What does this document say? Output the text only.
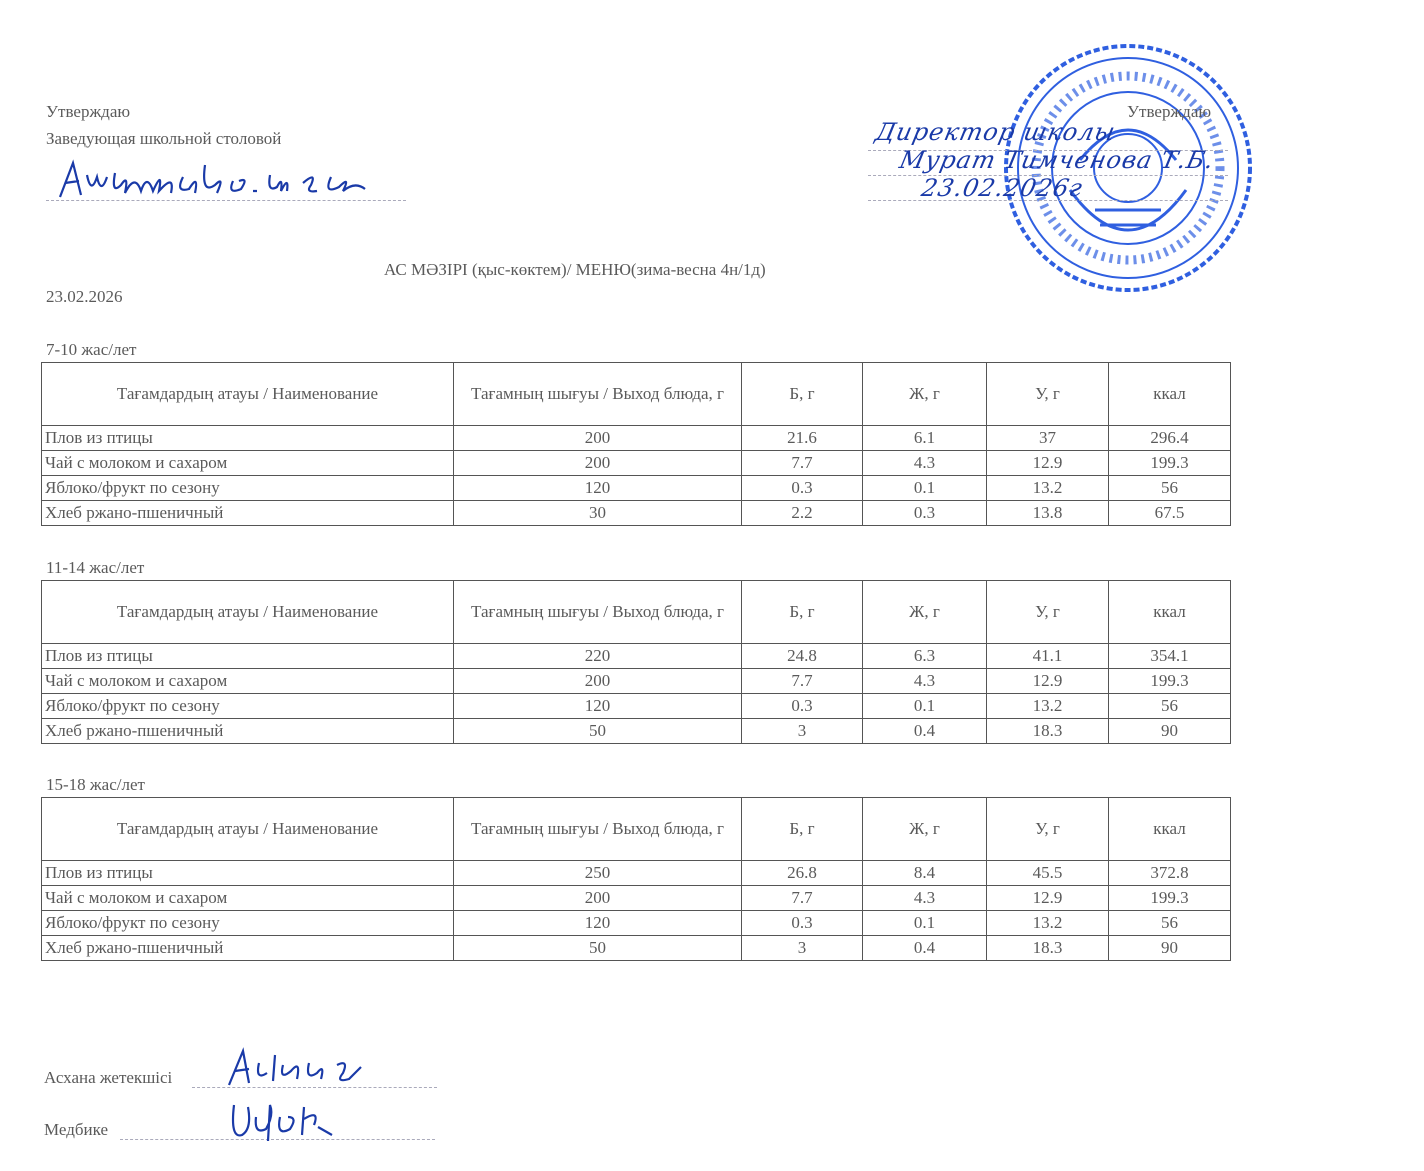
Утверждаю
Заведующая школьной столовой
Утверждаю
Директор школы
Мурат Тимченова Т.Б.
23.02.2026г
АС МӘЗІРІ (қыс-көктем)/ МЕНЮ(зима-весна 4н/1д)
23.02.2026
7-10 жас/лет
Тағамдардың атауы / Наименование	Тағамның шығуы / Выход блюда, г	Б, г	Ж, г	У, г	ккал
Плов из птицы	200	21.6	6.1	37	296.4
Чай с молоком и сахаром	200	7.7	4.3	12.9	199.3
Яблоко/фрукт по сезону	120	0.3	0.1	13.2	56
Хлеб ржано-пшеничный	30	2.2	0.3	13.8	67.5
11-14 жас/лет
Тағамдардың атауы / Наименование	Тағамның шығуы / Выход блюда, г	Б, г	Ж, г	У, г	ккал
Плов из птицы	220	24.8	6.3	41.1	354.1
Чай с молоком и сахаром	200	7.7	4.3	12.9	199.3
Яблоко/фрукт по сезону	120	0.3	0.1	13.2	56
Хлеб ржано-пшеничный	50	3	0.4	18.3	90
15-18 жас/лет
Тағамдардың атауы / Наименование	Тағамның шығуы / Выход блюда, г	Б, г	Ж, г	У, г	ккал
Плов из птицы	250	26.8	8.4	45.5	372.8
Чай с молоком и сахаром	200	7.7	4.3	12.9	199.3
Яблоко/фрукт по сезону	120	0.3	0.1	13.2	56
Хлеб ржано-пшеничный	50	3	0.4	18.3	90
Асхана жетекшісі
Медбике
